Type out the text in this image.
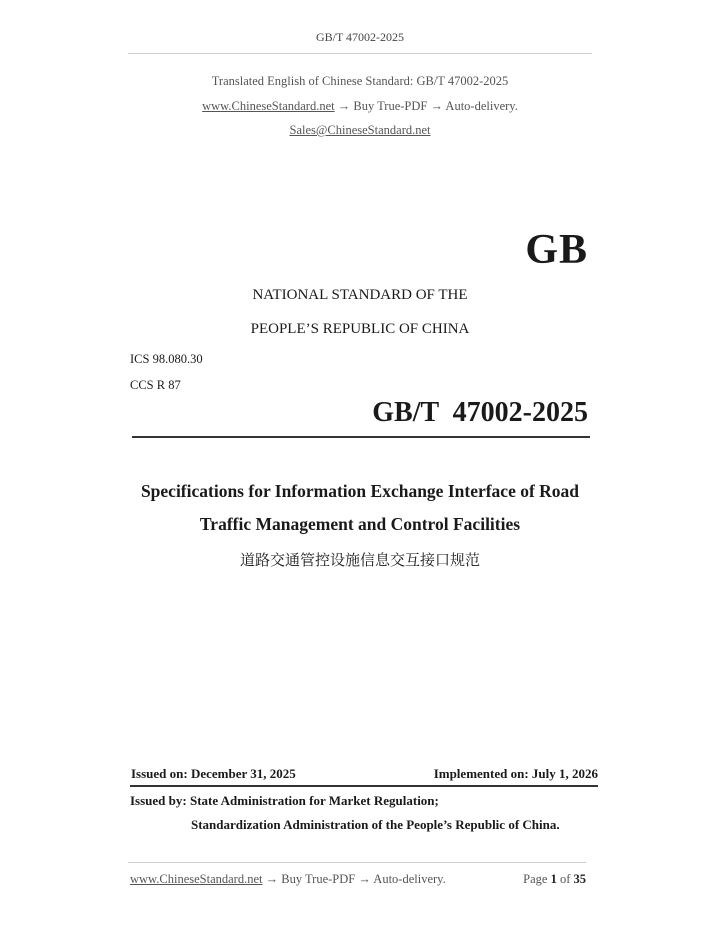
GB/T 47002-2025
Translated English of Chinese Standard: GB/T 47002-2025
www.ChineseStandard.net → Buy True-PDF → Auto-delivery.
Sales@ChineseStandard.net
GB
NATIONAL STANDARD OF THE
PEOPLE’S REPUBLIC OF CHINA
ICS 98.080.30
CCS R 87
GB/T  47002-2025
Specifications for Information Exchange Interface of Road
Traffic Management and Control Facilities
道路交通管控设施信息交互接口规范
Issued on: December 31, 2025	Implemented on: July 1, 2026
Issued by: State Administration for Market Regulation;
Standardization Administration of the People’s Republic of China.
www.ChineseStandard.net → Buy True-PDF → Auto-delivery.	Page 1 of 35
